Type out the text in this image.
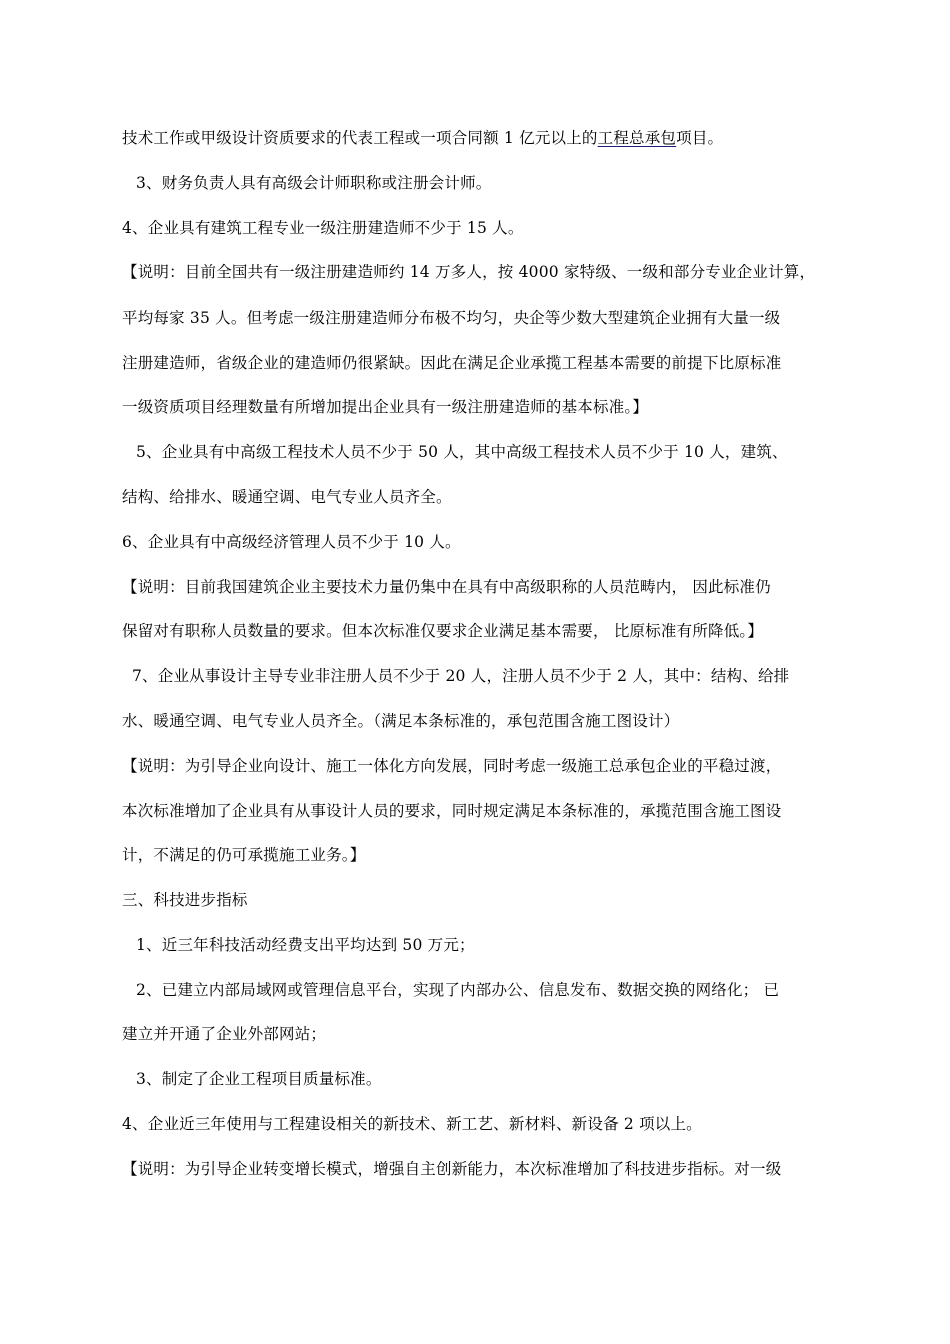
技术工作或甲级设计资质要求的代表工程或一项合同额 1 亿元以上的工程总承包项目。
3、财务负责人具有高级会计师职称或注册会计师。
4、企业具有建筑工程专业一级注册建造师不少于 15 人。
【说明：目前全国共有一级注册建造师约 14 万多人，按 4000 家特级、一级和部分专业企业计算，
平均每家 35 人。但考虑一级注册建造师分布极不均匀，央企等少数大型建筑企业拥有大量一级
注册建造师，省级企业的建造师仍很紧缺。因此在满足企业承揽工程基本需要的前提下比原标准
一级资质项目经理数量有所增加提出企业具有一级注册建造师的基本标准。】
5、企业具有中高级工程技术人员不少于 50 人，其中高级工程技术人员不少于 10 人，建筑、
结构、给排水、暖通空调、电气专业人员齐全。
6、企业具有中高级经济管理人员不少于 10 人。
【说明：目前我国建筑企业主要技术力量仍集中在具有中高级职称的人员范畴内， 因此标准仍
保留对有职称人员数量的要求。但本次标准仅要求企业满足基本需要， 比原标准有所降低。】
7、企业从事设计主导专业非注册人员不少于 20 人，注册人员不少于 2 人，其中：结构、给排
水、暖通空调、电气专业人员齐全。（满足本条标准的，承包范围含施工图设计）
【说明：为引导企业向设计、施工一体化方向发展，同时考虑一级施工总承包企业的平稳过渡，
本次标准增加了企业具有从事设计人员的要求，同时规定满足本条标准的，承揽范围含施工图设
计，不满足的仍可承揽施工业务。】
三、科技进步指标
1、近三年科技活动经费支出平均达到 50 万元；
2、已建立内部局域网或管理信息平台，实现了内部办公、信息发布、数据交换的网络化； 已
建立并开通了企业外部网站；
3、制定了企业工程项目质量标准。
4、企业近三年使用与工程建设相关的新技术、新工艺、新材料、新设备 2 项以上。
【说明：为引导企业转变增长模式，增强自主创新能力，本次标准增加了科技进步指标。对一级
